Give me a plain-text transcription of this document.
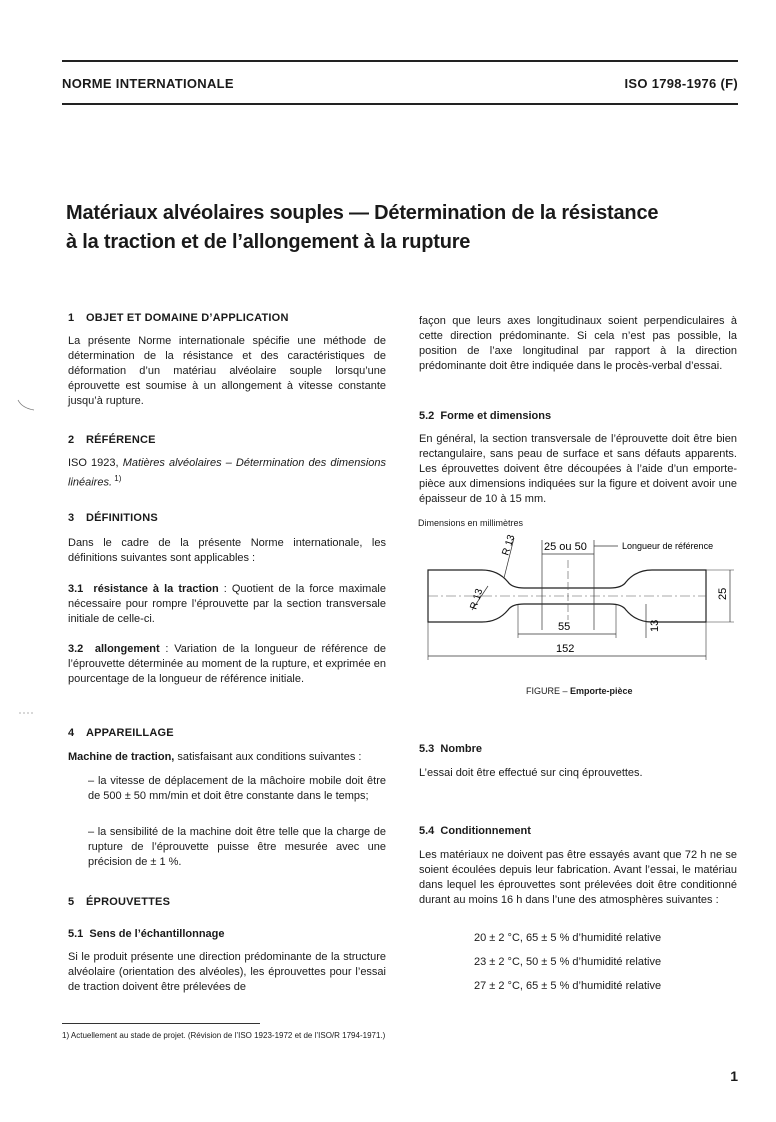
NORME INTERNATIONALE	ISO 1798-1976 (F)
Matériaux alvéolaires souples — Détermination de la résistance
à la traction et de l’allongement à la rupture
1 OBJET ET DOMAINE D’APPLICATION

La présente Norme internationale spécifie une méthode de détermination de la résistance et des caractéristiques de déformation d’un matériau alvéolaire souple lorsqu’une éprouvette est soumise à un allongement à vitesse constante jusqu’à rupture.

2 RÉFÉRENCE

ISO 1923, Matières alvéolaires – Détermination des dimensions linéaires. $^{1)}$

3 DÉFINITIONS

Dans le cadre de la présente Norme internationale, les définitions suivantes sont applicables :

3.1 résistance à la traction : Quotient de la force maximale nécessaire pour rompre l’éprouvette par la section transversale initiale de celle-ci.

3.2 allongement : Variation de la longueur de référence de l’éprouvette déterminée au moment de la rupture, et exprimée en pourcentage de la longueur de référence initiale.

4 APPAREILLAGE

Machine de traction, satisfaisant aux conditions suivantes :

– la vitesse de déplacement de la mâchoire mobile doit être de 500 ± 50 mm/min et doit être constante dans le temps;

– la sensibilité de la machine doit être telle que la charge de rupture de l’éprouvette puisse être mesurée avec une précision de ± 1 %.

5 ÉPROUVETTES
5.1 Sens de l’échantillonnage

Si le produit présente une direction prédominante de la structure alvéolaire (orientation des alvéoles), les éprouvettes pour l’essai de traction doivent être prélevées de

façon que leurs axes longitudinaux soient perpendiculaires à cette direction prédominante. Si cela n’est pas possible, la position de l’axe longitudinal par rapport à la direction prédominante doit être indiquée dans le procès-verbal d’essai.

5.2 Forme et dimensions

En général, la section transversale de l’éprouvette doit être bien rectangulaire, sans peau de surface et sans défauts apparents. Les éprouvettes doivent être découpées à l’aide d’un emporte-pièce aux dimensions indiquées sur la figure et doivent avoir une épaisseur de 10 à 15 mm.

Dimensions en millimètres
25 ou 50	Longueur de référence
R 13
R 13	25
55	13
152
FIGURE – Emporte-pièce
5.3 Nombre

L’essai doit être effectué sur cinq éprouvettes.

5.4 Conditionnement

Les matériaux ne doivent pas être essayés avant que 72 h ne se soient écoulées depuis leur fabrication. Avant l’essai, le matériau dans lequel les éprouvettes sont prélevées doit être conditionné durant au moins 16 h dans l’une des atmosphères suivantes :

20 ± 2 °C, 65 ± 5 % d’humidité relative
23 ± 2 °C, 50 ± 5 % d’humidité relative
27 ± 2 °C, 65 ± 5 % d’humidité relative
1) Actuellement au stade de projet. (Révision de l’ISO 1923-1972 et de l’ISO/R 1794-1971.)
1
